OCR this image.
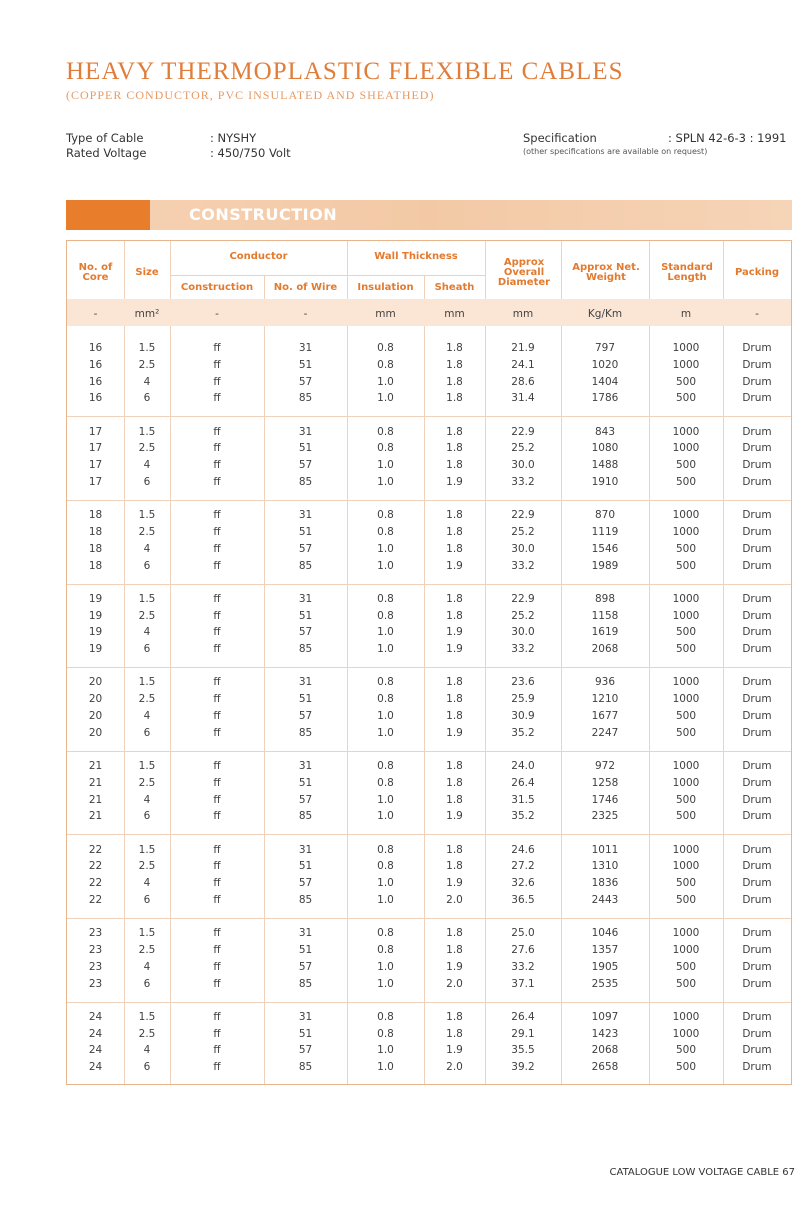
HEAVY THERMOPLASTIC FLEXIBLE CABLES
(COPPER CONDUCTOR, PVC INSULATED AND SHEATHED)
Type of Cable	: NYSHY
Rated Voltage	: 450/750 Volt
Specification	: SPLN 42-6-3 : 1991
(other specifications are available on request)
CONSTRUCTION
No. of Core	Size
Conductor
Construction	No. of Wire
Wall Thickness
Insulation	Sheath
Approx Overall Diameter
Approx Net. Weight
Standard Length	Packing
-	mm²	-	-	mm	mm	mm	Kg/Km	m	-
16	1.5	ff	31	0.8	1.8	21.9	797	1000	Drum
16	2.5	ff	51	0.8	1.8	24.1	1020	1000	Drum
16	4	ff	57	1.0	1.8	28.6	1404	500	Drum
16	6	ff	85	1.0	1.8	31.4	1786	500	Drum
17	1.5	ff	31	0.8	1.8	22.9	843	1000	Drum
17	2.5	ff	51	0.8	1.8	25.2	1080	1000	Drum
17	4	ff	57	1.0	1.8	30.0	1488	500	Drum
17	6	ff	85	1.0	1.9	33.2	1910	500	Drum
18	1.5	ff	31	0.8	1.8	22.9	870	1000	Drum
18	2.5	ff	51	0.8	1.8	25.2	1119	1000	Drum
18	4	ff	57	1.0	1.8	30.0	1546	500	Drum
18	6	ff	85	1.0	1.9	33.2	1989	500	Drum
19	1.5	ff	31	0.8	1.8	22.9	898	1000	Drum
19	2.5	ff	51	0.8	1.8	25.2	1158	1000	Drum
19	4	ff	57	1.0	1.9	30.0	1619	500	Drum
19	6	ff	85	1.0	1.9	33.2	2068	500	Drum
20	1.5	ff	31	0.8	1.8	23.6	936	1000	Drum
20	2.5	ff	51	0.8	1.8	25.9	1210	1000	Drum
20	4	ff	57	1.0	1.8	30.9	1677	500	Drum
20	6	ff	85	1.0	1.9	35.2	2247	500	Drum
21	1.5	ff	31	0.8	1.8	24.0	972	1000	Drum
21	2.5	ff	51	0.8	1.8	26.4	1258	1000	Drum
21	4	ff	57	1.0	1.8	31.5	1746	500	Drum
21	6	ff	85	1.0	1.9	35.2	2325	500	Drum
22	1.5	ff	31	0.8	1.8	24.6	1011	1000	Drum
22	2.5	ff	51	0.8	1.8	27.2	1310	1000	Drum
22	4	ff	57	1.0	1.9	32.6	1836	500	Drum
22	6	ff	85	1.0	2.0	36.5	2443	500	Drum
23	1.5	ff	31	0.8	1.8	25.0	1046	1000	Drum
23	2.5	ff	51	0.8	1.8	27.6	1357	1000	Drum
23	4	ff	57	1.0	1.9	33.2	1905	500	Drum
23	6	ff	85	1.0	2.0	37.1	2535	500	Drum
24	1.5	ff	31	0.8	1.8	26.4	1097	1000	Drum
24	2.5	ff	51	0.8	1.8	29.1	1423	1000	Drum
24	4	ff	57	1.0	1.9	35.5	2068	500	Drum
24	6	ff	85	1.0	2.0	39.2	2658	500	Drum
CATALOGUE LOW VOLTAGE CABLE 67
